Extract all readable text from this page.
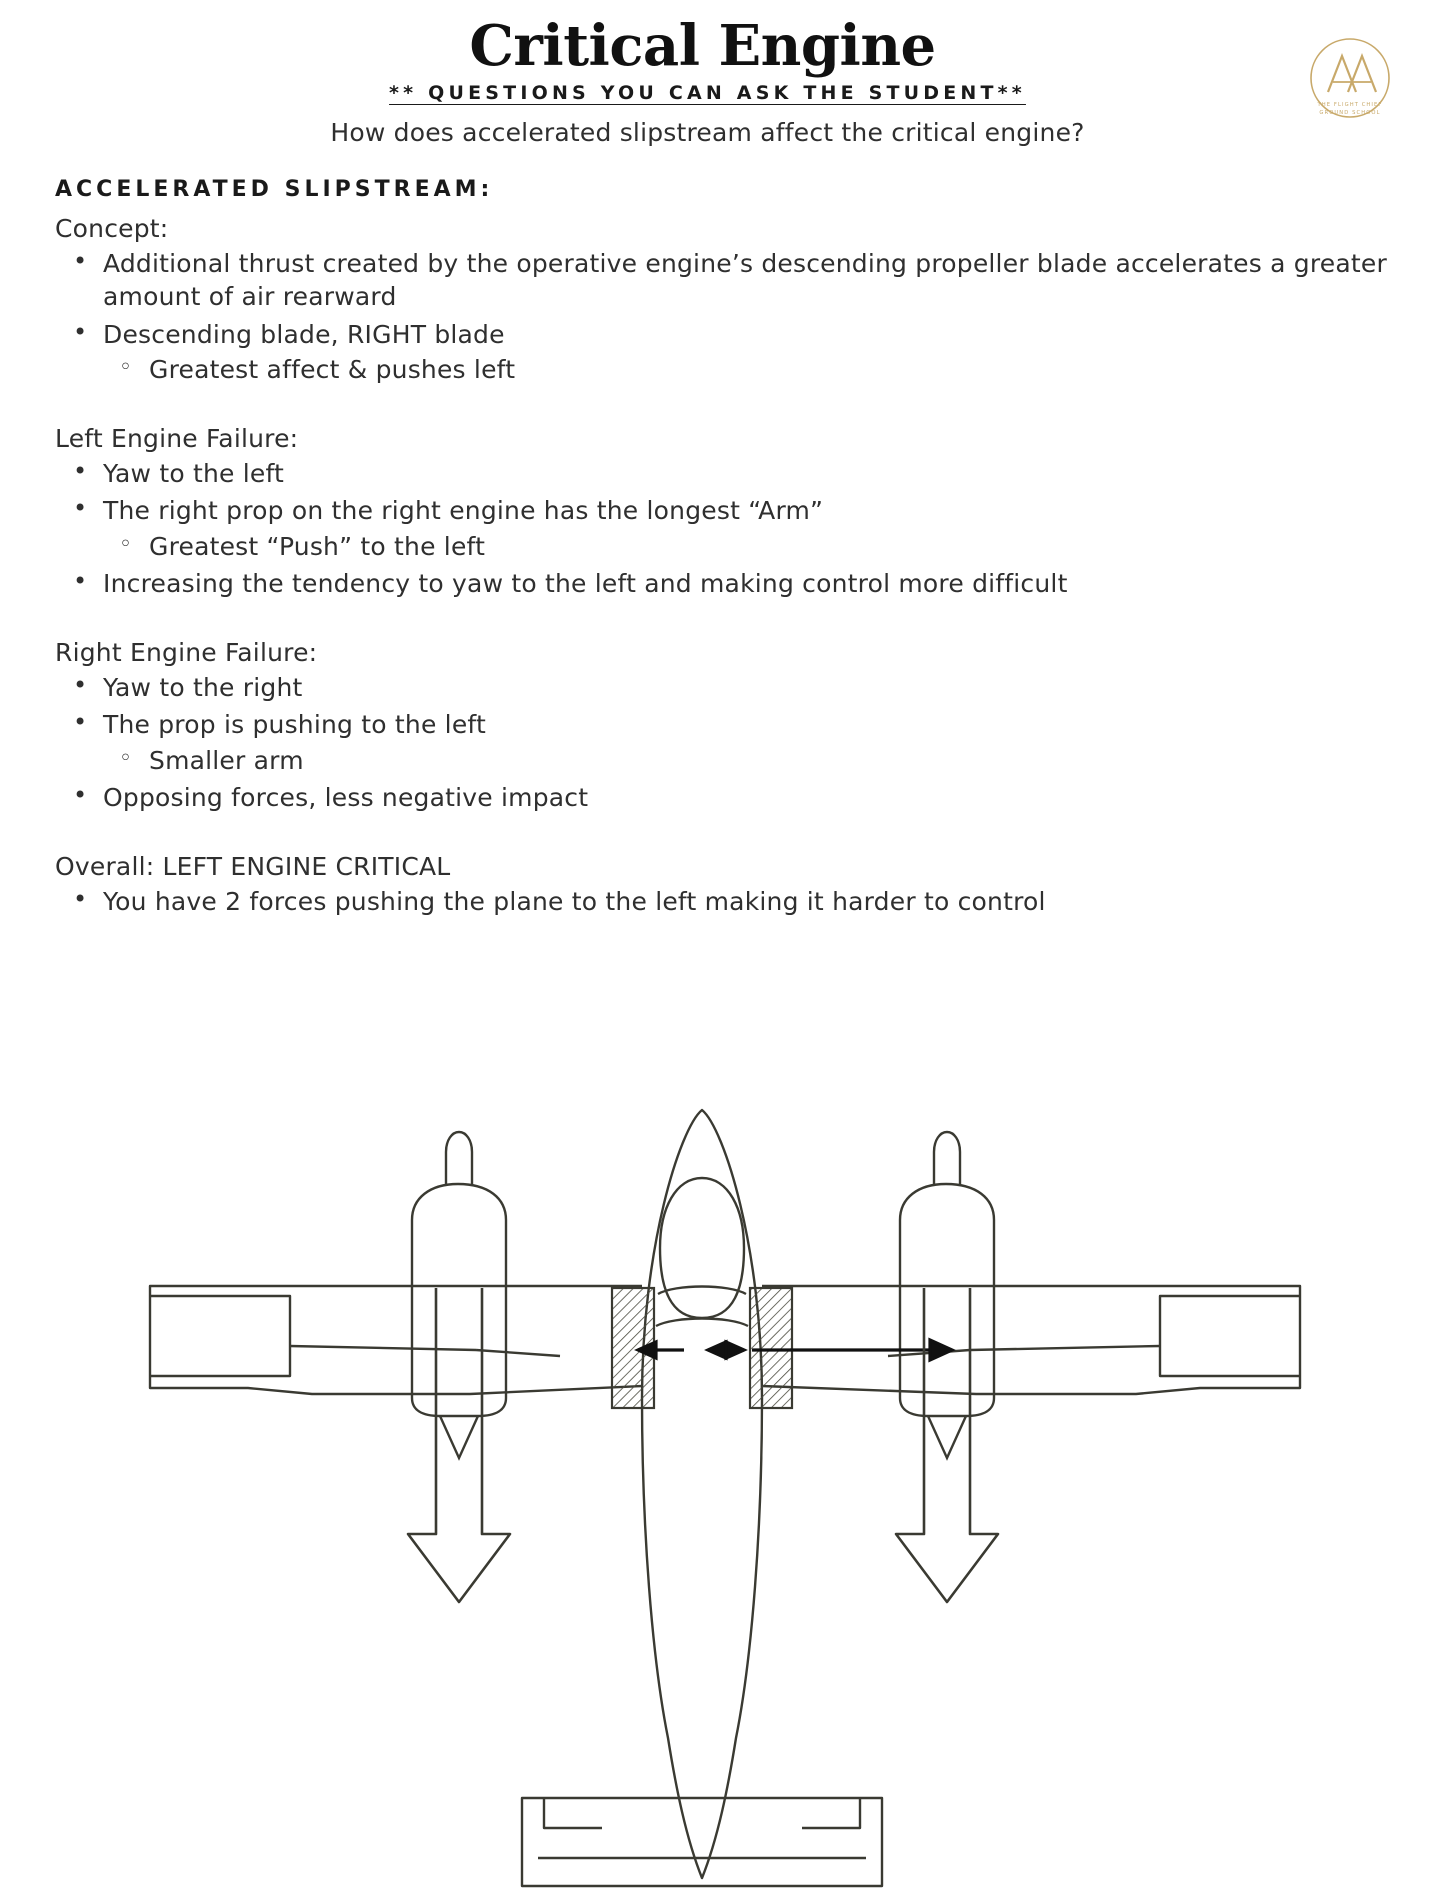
THE FLIGHT CHIEF
GROUND SCHOOL
Critical Engine
** QUESTIONS YOU CAN ASK THE STUDENT**
How does accelerated slipstream affect the critical engine?
ACCELERATED SLIPSTREAM:
Concept:
• Additional thrust created by the operative engine’s descending propeller blade accelerates a greater amount of air rearward
• Descending blade, RIGHT blade
◦ Greatest affect & pushes left
Left Engine Failure:
• Yaw to the left
• The right prop on the right engine has the longest “Arm”
◦ Greatest “Push” to the left
• Increasing the tendency to yaw to the left and making control more difficult
Right Engine Failure:
• Yaw to the right
• The prop is pushing to the left
◦ Smaller arm
• Opposing forces, less negative impact
Overall: LEFT ENGINE CRITICAL
• You have 2 forces pushing the plane to the left making it harder to control
